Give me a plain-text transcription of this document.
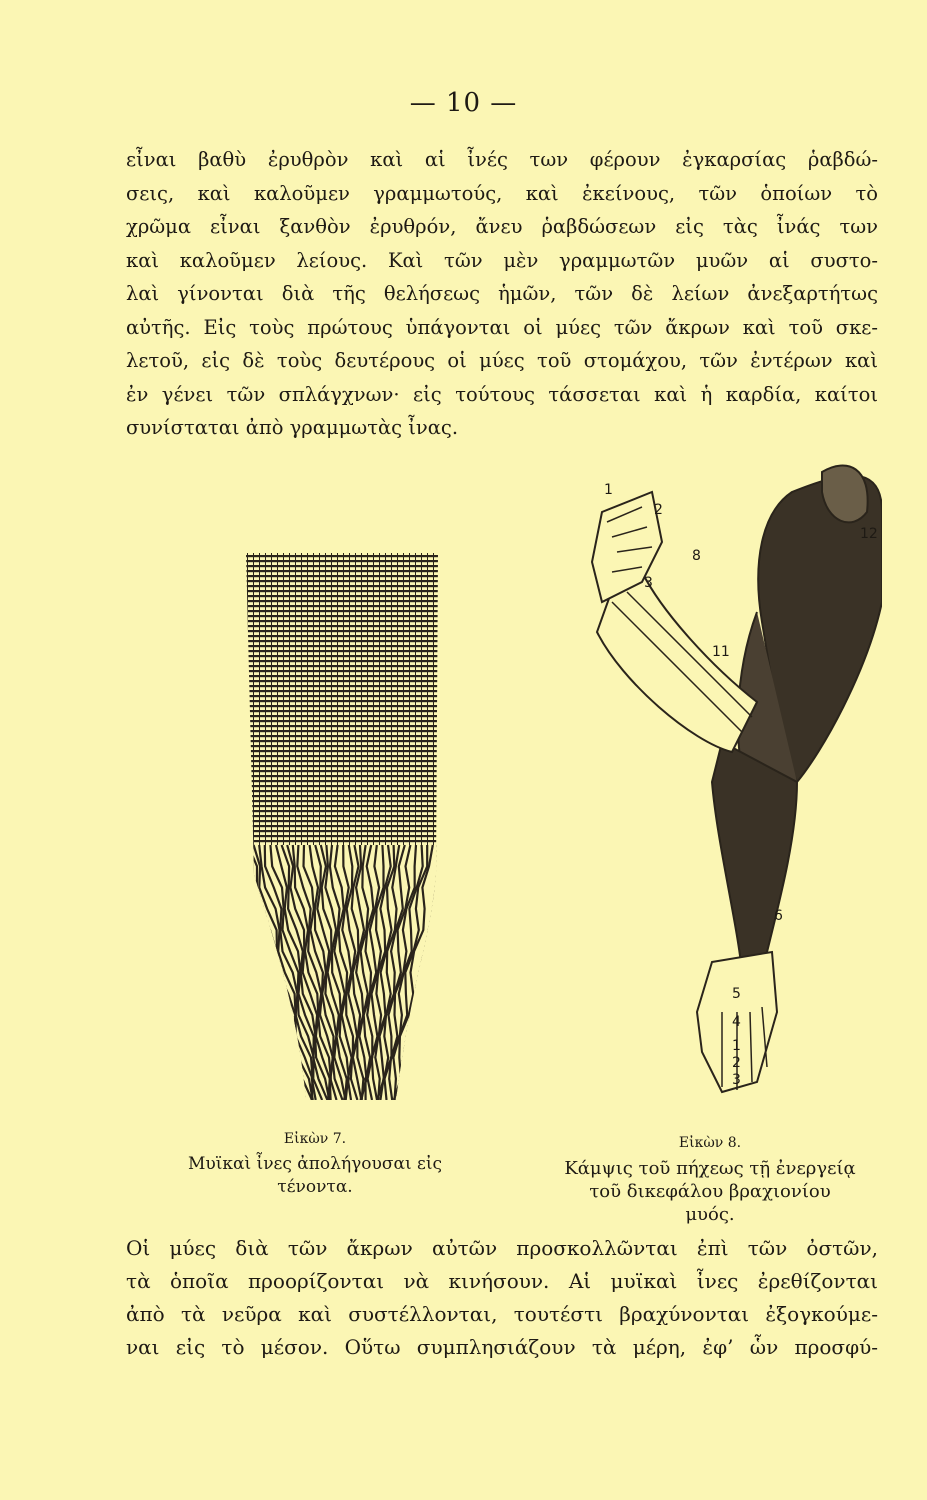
— 10 —
εἶναι βαθὺ ἐρυθρὸν καὶ αἱ ἶνές των φέρουν ἐγκαρσίας ῥαβδώ-
σεις, καὶ καλοῦμεν γραμμωτούς, καὶ ἐκείνους, τῶν ὁποίων τὸ
χρῶμα εἶναι ξανθὸν ἐρυθρόν, ἄνευ ῥαβδώσεων εἰς τὰς ἶνάς των
καὶ καλοῦμεν λείους. Καὶ τῶν μὲν γραμμωτῶν μυῶν αἱ συστο-
λαὶ γίνονται διὰ τῆς θελήσεως ἡμῶν, τῶν δὲ λείων ἀνεξαρτήτως
αὐτῆς. Εἰς τοὺς πρώτους ὑπάγονται οἱ μύες τῶν ἄκρων καὶ τοῦ σκε-
λετοῦ, εἰς δὲ τοὺς δευτέρους οἱ μύες τοῦ στομάχου, τῶν ἐντέρων καὶ
ἐν γένει τῶν σπλάγχνων· εἰς τούτους τάσσεται καὶ ἡ καρδία, καίτοι
συνίσταται ἀπὸ γραμμωτὰς ἶνας.
1
2
3
8
11
12
6
5
4
1
2
3
Εἰκὼν 7.
Μυϊκαὶ ἶνες ἀπολήγουσαι εἰς
τένοντα.
Εἰκὼν 8.
Κάμψις τοῦ πήχεως τῇ ἐνεργείᾳ
τοῦ δικεφάλου βραχιονίου
μυός.
Οἱ μύες διὰ τῶν ἄκρων αὐτῶν προσκολλῶνται ἐπὶ τῶν ὀστῶν,
τὰ ὁποῖα προορίζονται νὰ κινήσουν. Αἱ μυϊκαὶ ἶνες ἐρεθίζονται
ἀπὸ τὰ νεῦρα καὶ συστέλλονται, τουτέστι βραχύνονται ἐξογκούμε-
ναι εἰς τὸ μέσον. Οὕτω συμπλησιάζουν τὰ μέρη, ἐφ’ ὧν προσφύ-
